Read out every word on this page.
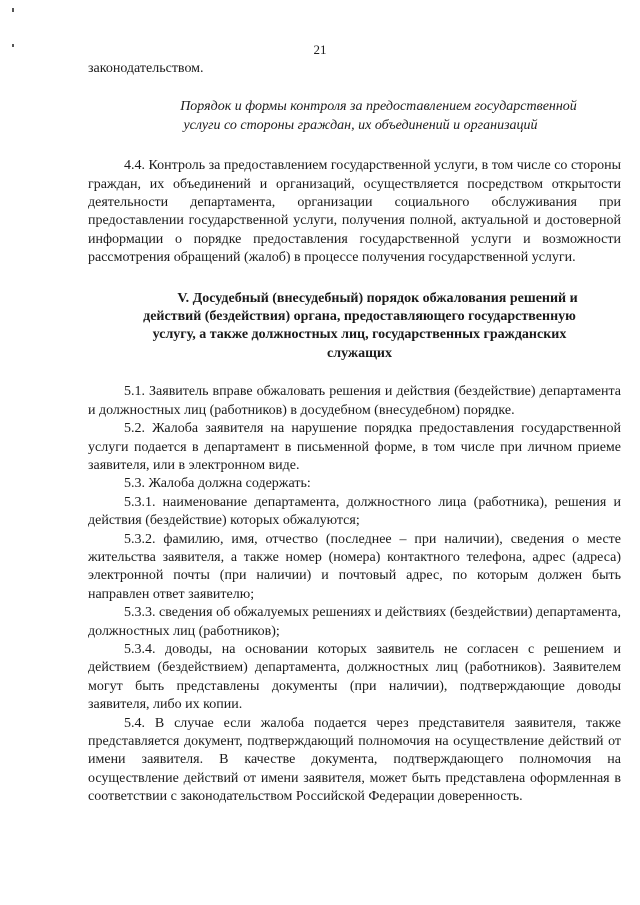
21

законодательством.

Порядок и формы контроля за предоставлением государственной услуги со стороны граждан, их объединений и организаций

4.4. Контроль за предоставлением государственной услуги, в том числе со стороны граждан, их объединений и организаций, осуществляется посредством открытости деятельности департамента, организации социального обслуживания при предоставлении государственной услуги, получения полной, актуальной и достоверной информации о порядке предоставления государственной услуги и возможности рассмотрения обращений (жалоб) в процессе получения государственной услуги.

V. Досудебный (внесудебный) порядок обжалования решений и действий (бездействия) органа, предоставляющего государственную услугу, а также должностных лиц, государственных гражданских служащих

5.1. Заявитель вправе обжаловать решения и действия (бездействие) департамента и должностных лиц (работников) в досудебном (внесудебном) порядке.

5.2. Жалоба заявителя на нарушение порядка предоставления государственной услуги подается в департамент в письменной форме, в том числе при личном приеме заявителя, или в электронном виде.

5.3. Жалоба должна содержать:

5.3.1. наименование департамента, должностного лица (работника), решения и действия (бездействие) которых обжалуются;

5.3.2. фамилию, имя, отчество (последнее – при наличии), сведения о месте жительства заявителя, а также номер (номера) контактного телефона, адрес (адреса) электронной почты (при наличии) и почтовый адрес, по которым должен быть направлен ответ заявителю;

5.3.3. сведения об обжалуемых решениях и действиях (бездействии) департамента, должностных лиц (работников);

5.3.4. доводы, на основании которых заявитель не согласен с решением и действием (бездействием) департамента, должностных лиц (работников). Заявителем могут быть представлены документы (при наличии), подтверждающие доводы заявителя, либо их копии.

5.4. В случае если жалоба подается через представителя заявителя, также представляется документ, подтверждающий полномочия на осуществление действий от имени заявителя. В качестве документа, подтверждающего полномочия на осуществление действий от имени заявителя, может быть представлена оформленная в соответствии с законодательством Российской Федерации доверенность.
